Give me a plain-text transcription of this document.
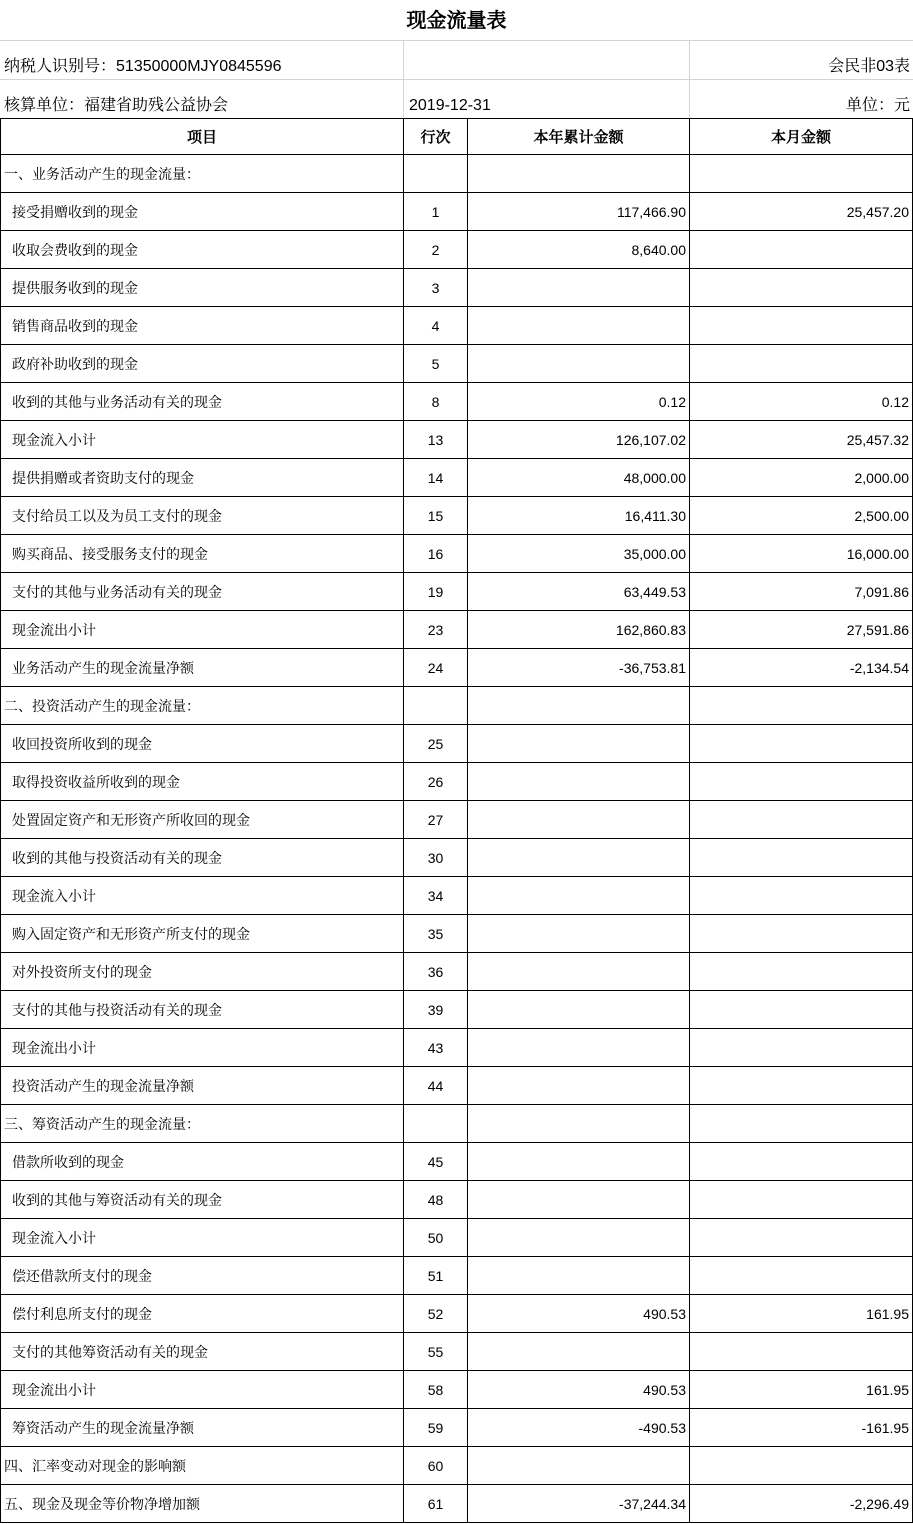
现金流量表
纳税人识别号： 51350000MJY0845596	会民非03表
核算单位： 福建省助残公益协会	2019-12-31	单位： 元
项目	行次	本年累计金额	本月金额
一、业务活动产生的现金流量：
接受捐赠收到的现金	1	117,466.90	25,457.20
收取会费收到的现金	2	8,640.00
提供服务收到的现金	3
销售商品收到的现金	4
政府补助收到的现金	5
收到的其他与业务活动有关的现金	8	0.12	0.12
现金流入小计	13	126,107.02	25,457.32
提供捐赠或者资助支付的现金	14	48,000.00	2,000.00
支付给员工以及为员工支付的现金	15	16,411.30	2,500.00
购买商品、接受服务支付的现金	16	35,000.00	16,000.00
支付的其他与业务活动有关的现金	19	63,449.53	7,091.86
现金流出小计	23	162,860.83	27,591.86
业务活动产生的现金流量净额	24	-36,753.81	-2,134.54
二、投资活动产生的现金流量：
收回投资所收到的现金	25
取得投资收益所收到的现金	26
处置固定资产和无形资产所收回的现金	27
收到的其他与投资活动有关的现金	30
现金流入小计	34
购入固定资产和无形资产所支付的现金	35
对外投资所支付的现金	36
支付的其他与投资活动有关的现金	39
现金流出小计	43
投资活动产生的现金流量净额	44
三、筹资活动产生的现金流量：
借款所收到的现金	45
收到的其他与筹资活动有关的现金	48
现金流入小计	50
偿还借款所支付的现金	51
偿付利息所支付的现金	52	490.53	161.95
支付的其他筹资活动有关的现金	55
现金流出小计	58	490.53	161.95
筹资活动产生的现金流量净额	59	-490.53	-161.95
四、汇率变动对现金的影响额	60
五、现金及现金等价物净增加额	61	-37,244.34	-2,296.49
